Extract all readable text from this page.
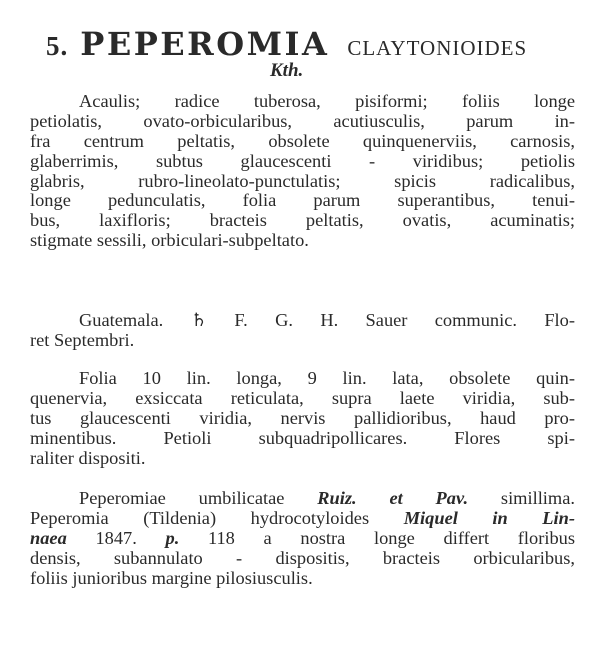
5. PEPEROMIA CLAYTONIOIDES
Kth.
Acaulis; radice tuberosa, pisiformi; foliis longe
petiolatis, ovato-orbicularibus, acutiusculis, parum in-
fra centrum peltatis, obsolete quinquenerviis, carnosis,
glaberrimis, subtus glaucescenti - viridibus; petiolis
glabris, rubro-lineolato-punctulatis; spicis radicalibus,
longe pedunculatis, folia parum superantibus, tenui-
bus, laxifloris; bracteis peltatis, ovatis, acuminatis;
stigmate sessili, orbiculari-subpeltato.
Guatemala. ♄ F. G. H. Sauer communic. Flo-
ret Septembri.
Folia 10 lin. longa, 9 lin. lata, obsolete quin-
quenervia, exsiccata reticulata, supra laete viridia, sub-
tus glaucescenti viridia, nervis pallidioribus, haud pro-
minentibus. Petioli subquadripollicares. Flores spi-
raliter dispositi.
Peperomiae umbilicatae Ruiz. et Pav. simillima.
Peperomia (Tildenia) hydrocotyloides Miquel in Lin-
naea 1847. p. 118 a nostra longe differt floribus
densis, subannulato - dispositis, bracteis orbicularibus,
foliis junioribus margine pilosiusculis.
